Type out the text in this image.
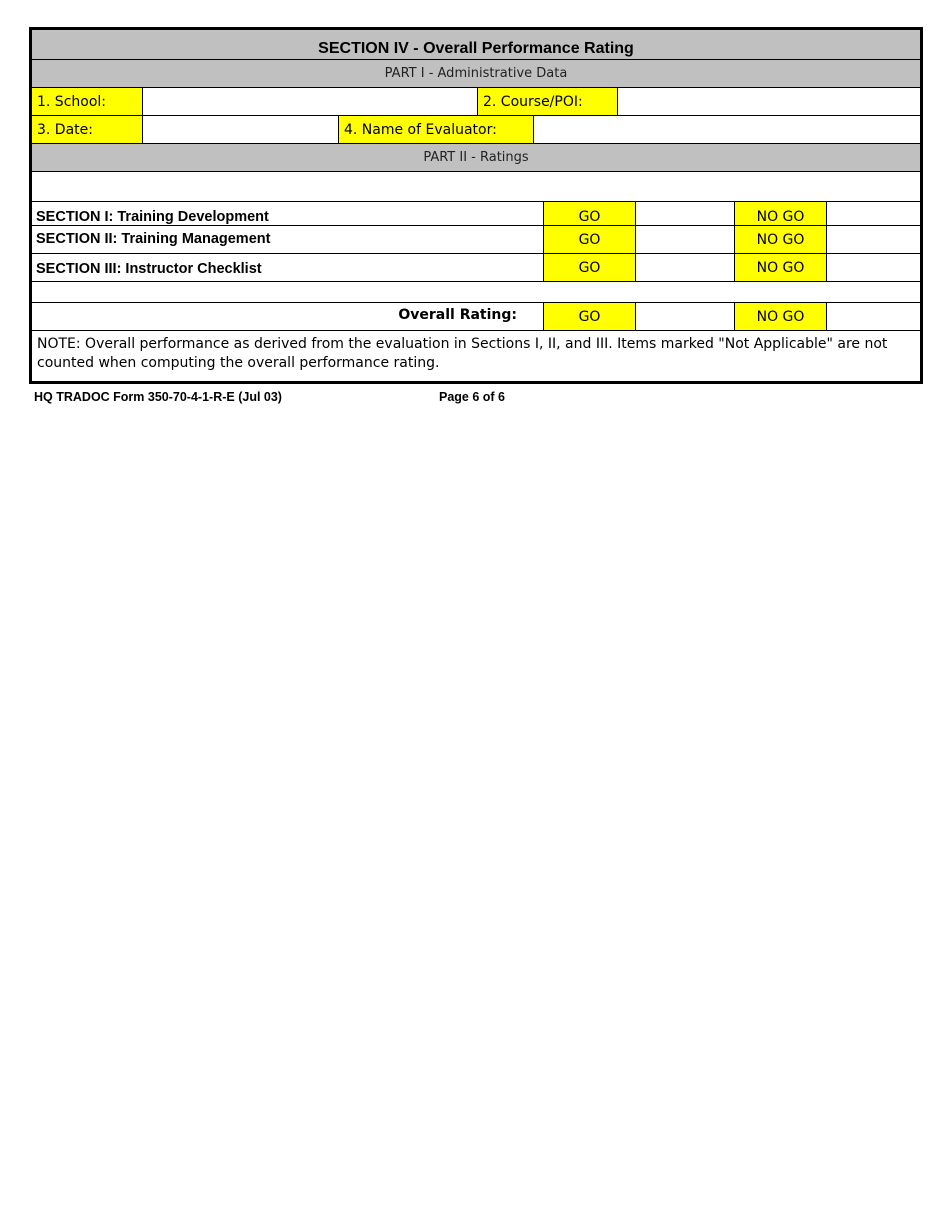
SECTION IV - Overall Performance Rating
PART I - Administrative Data
1. School:	2. Course/POI:
3. Date:	4. Name of Evaluator:
PART II - Ratings
SECTION I: Training Development	GO	NO GO
SECTION II: Training Management	GO	NO GO
SECTION III: Instructor Checklist	GO	NO GO
Overall Rating:	GO	NO GO
NOTE: Overall performance as derived from the evaluation in Sections I, II, and III. Items marked "Not Applicable" are not counted when computing the overall performance rating.
HQ TRADOC Form 350-70-4-1-R-E (Jul 03)	Page 6 of 6
